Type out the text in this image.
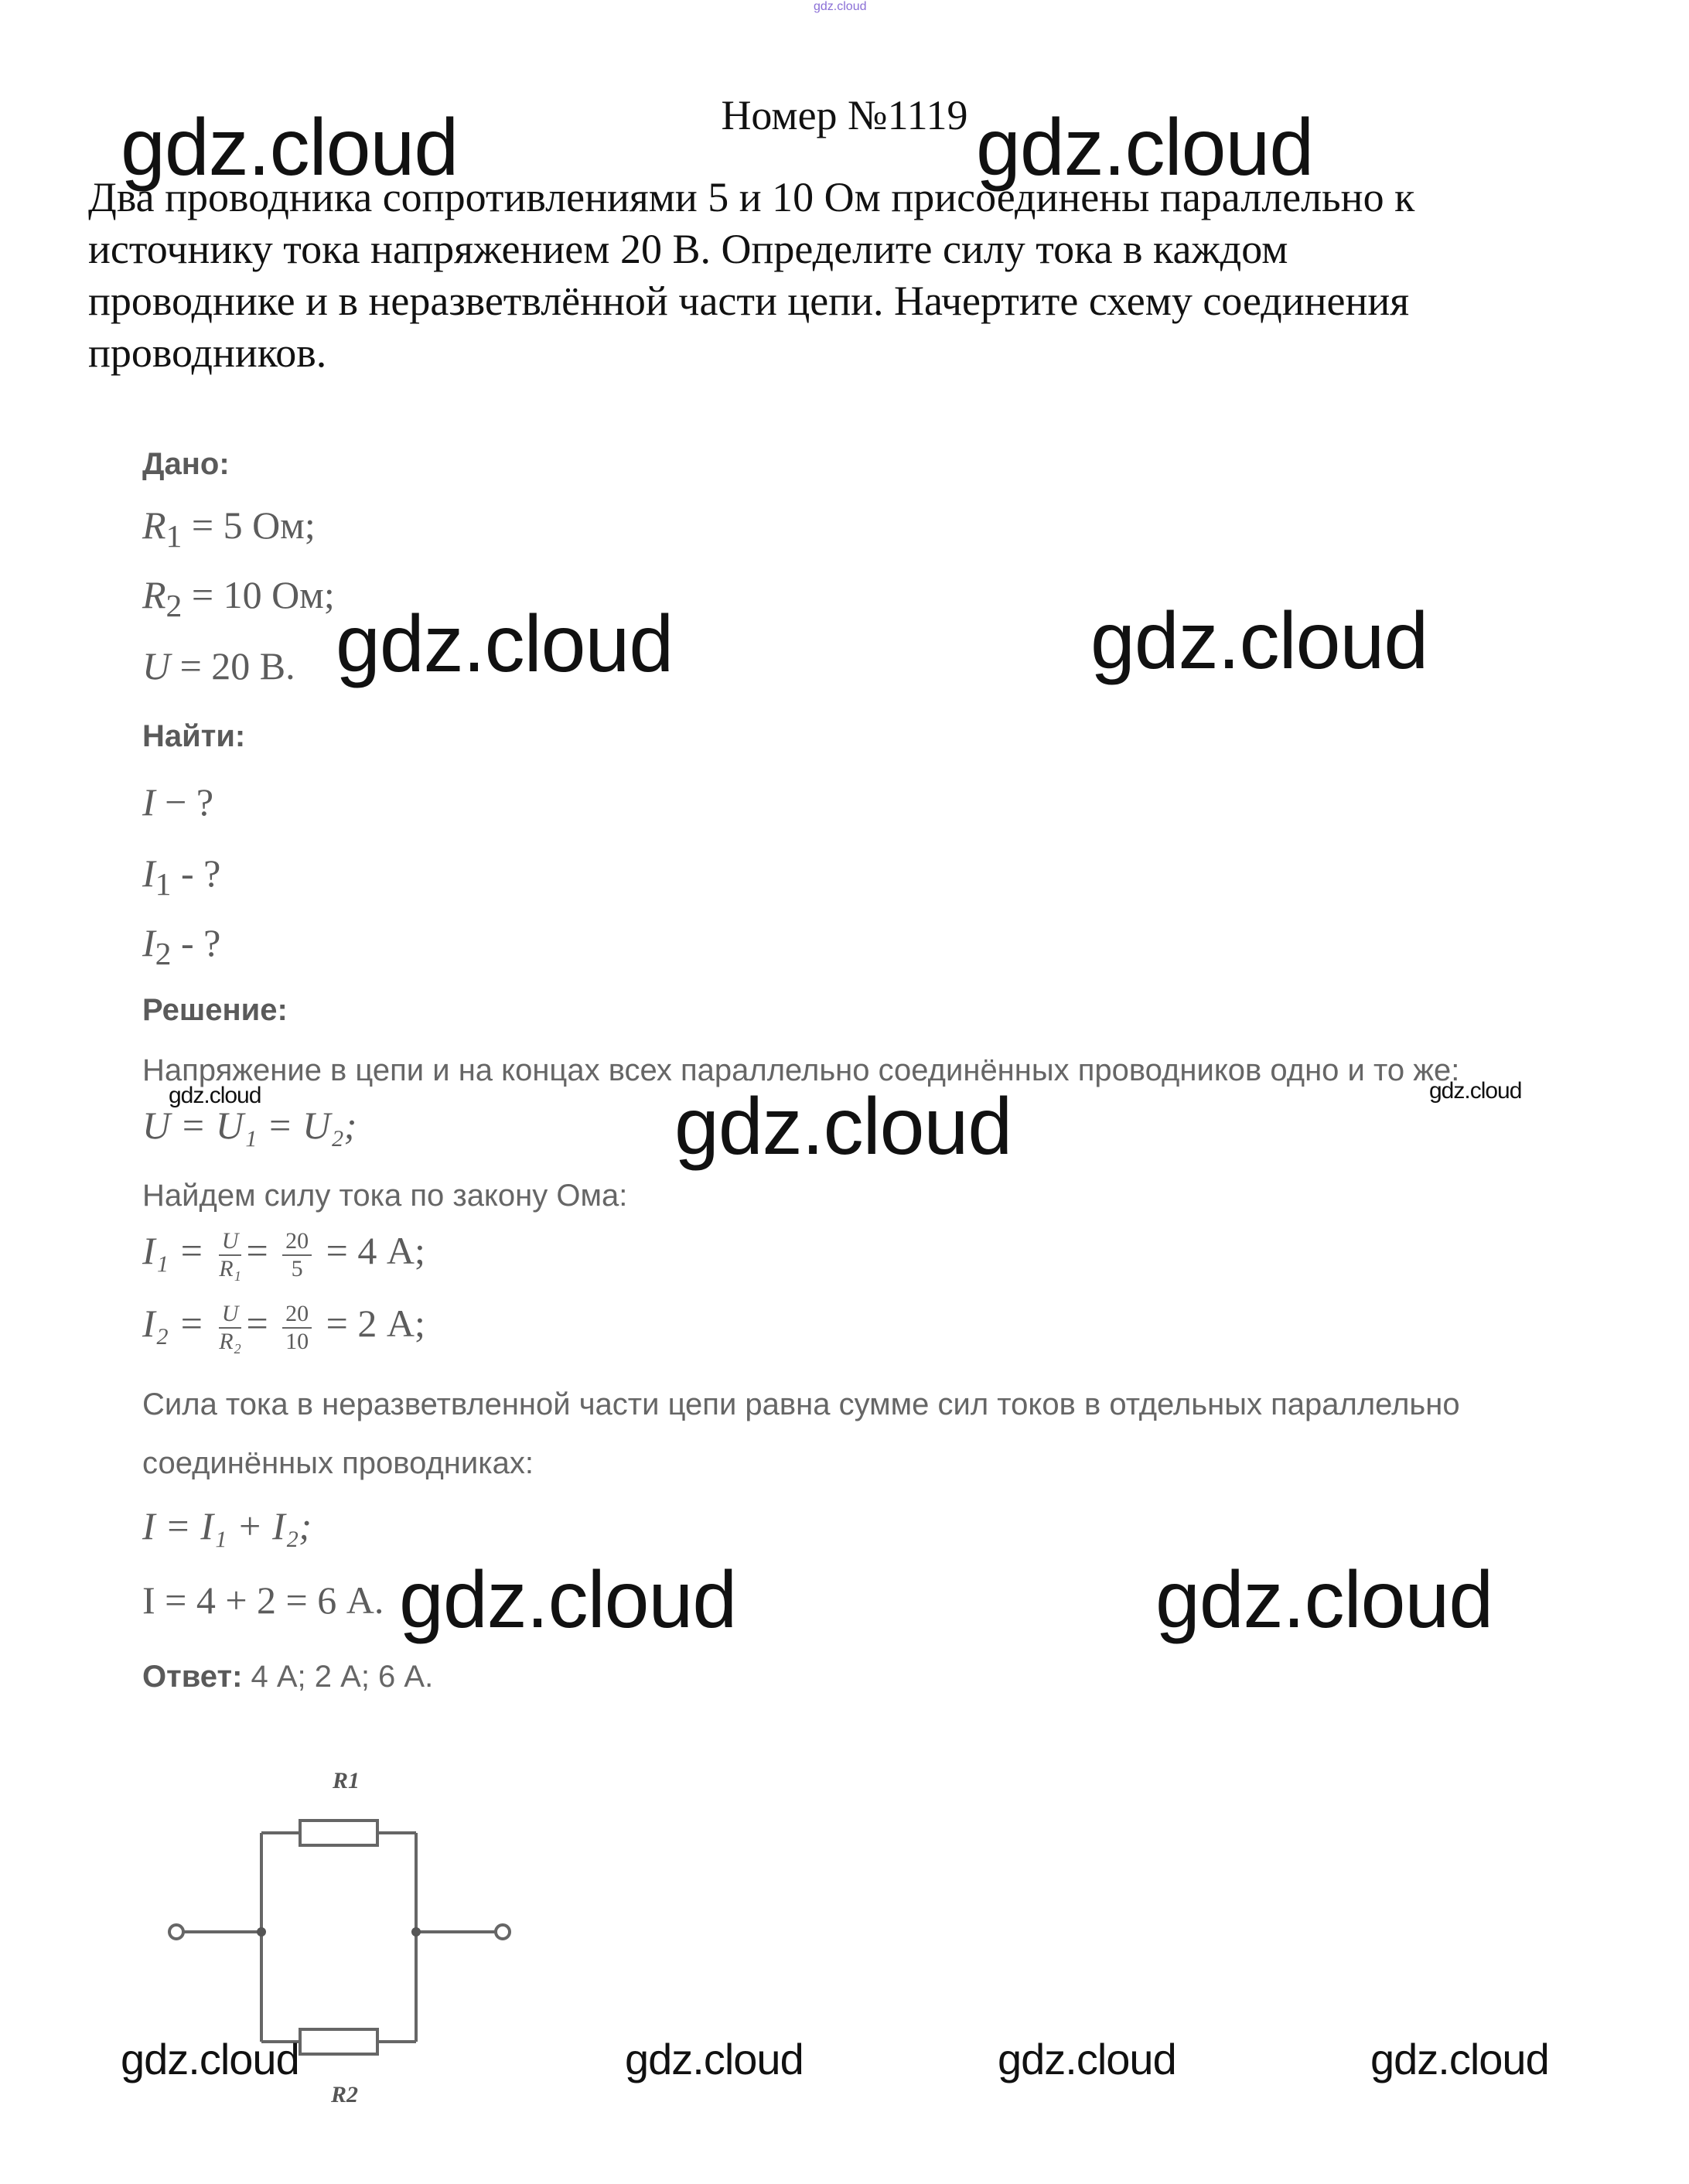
gdz.cloud
Номер №1119
Два проводника сопротивлениями 5 и 10 Ом присоединены параллельно к
источнику тока напряжением 20 В. Определите силу тока в каждом
проводнике и в неразветвлённой части цепи. Начертите схему соединения
проводников.
Дано:
$R_1 = 5$ Ом;
$R_2 = 10$ Ом;
U = 20 В.
Найти:
I − ?
$I_1$ - ?
$I_2$ - ?
Решение:
Напряжение в цепи и на концах всех параллельно соединённых проводников одно и то же:
U = U₁ = U₂;
Найдем силу тока по закону Ома:
$I_1 = \frac{U}{\text{R₁}} = \frac{20}{5} = 4$ А;
$I_2 = \frac{U}{\text{R₂}} = \frac{20}{10} = 2$ А;
Сила тока в неразветвленной части цепи равна сумме сил токов в отдельных параллельно
соединённых проводниках:
I = I₁ + I₂;
I = 4 + 2 = 6 А.
Ответ: 4 А; 2 А; 6 А.
R1
R2
gdz.cloud	gdz.cloud
gdz.cloud	gdz.cloud
gdz.cloud	gdz.cloud
gdz.cloud
gdz.cloud	gdz.cloud
gdz.cloud	gdz.cloud	gdz.cloud	gdz.cloud
